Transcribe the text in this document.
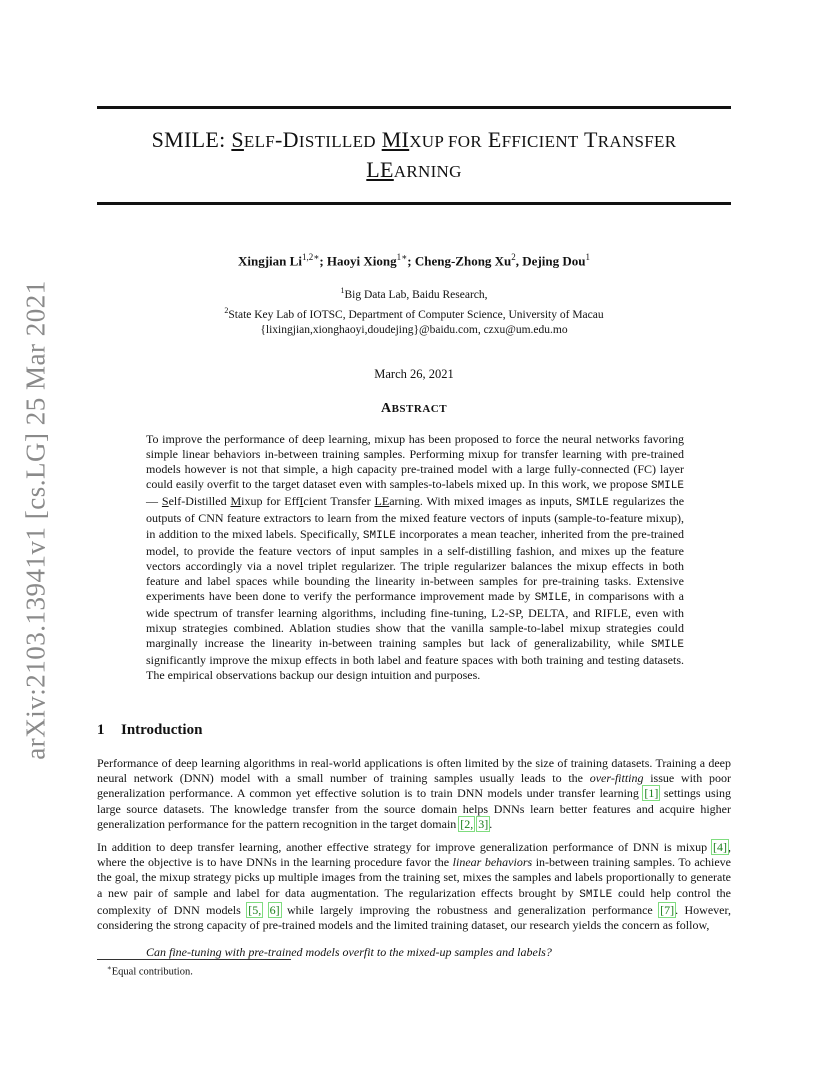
arXiv:2103.13941v1 [cs.LG] 25 Mar 2021
SMILE: SELF-DISTILLED MIXUP FOR EFFICIENT TRANSFER
LEARNING
Xingjian $Li^{1,2∗}$; Haoyi Xiong$^{1∗}$; Cheng-Zhong Xu$^2$, Dejing Dou$^1$
$^1$Big Data Lab, Baidu Research,
$^2$State Key Lab of IOTSC, Department of Computer Science, University of Macau
{lixingjian,xionghaoyi,doudejing}@baidu.com, czxu@um.edu.mo
March 26, 2021
ABSTRACT

To improve the performance of deep learning, mixup has been proposed to force the neural networks favoring simple linear behaviors in-between training samples. Performing mixup for transfer learning with pre-trained models however is not that simple, a high capacity pre-trained model with a large fully-connected (FC) layer could easily overfit to the target dataset even with samples-to-labels mixed up. In this work, we propose SMILE— Self-Distilled Mixup for EffIcient Transfer LEarning. With mixed images as inputs, SMILE regularizes the outputs of CNN feature extractors to learn from the mixed feature vectors of inputs (sample-to-feature mixup), in addition to the mixed labels. Specifically, SMILE incorporates a mean teacher, inherited from the pre-trained model, to provide the feature vectors of input samples in a self-distilling fashion, and mixes up the feature vectors accordingly via a novel triplet regularizer. The triple regularizer balances the mixup effects in both feature and label spaces while bounding the linearity in-between samples for pre-training tasks. Extensive experiments have been done to verify the performance improvement made by SMILE, in comparisons with a wide spectrum of transfer learning algorithms, including fine-tuning, L2-SP, DELTA, and RIFLE, even with mixup strategies combined. Ablation studies show that the vanilla sample-to-label mixup strategies could marginally increase the linearity in-between training samples but lack of generalizability, while SMILE significantly improve the mixup effects in both label and feature spaces with both training and testing datasets. The empirical observations backup our design intuition and purposes.

1 Introduction

Performance of deep learning algorithms in real-world applications is often limited by the size of training datasets. Training a deep neural network (DNN) model with a small number of training samples usually leads to the over-fitting issue with poor generalization performance. A common yet effective solution is to train DNN models under transfer learning [1] settings using large source datasets. The knowledge transfer from the source domain helps DNNs learn better features and acquire higher generalization performance for the pattern recognition in the target domain [2, 3].

In addition to deep transfer learning, another effective strategy for improve generalization performance of DNN is mixup [4], where the objective is to have DNNs in the learning procedure favor the linear behaviors in-between training samples. To achieve the goal, the mixup strategy picks up multiple images from the training set, mixes the samples and labels proportionally to generate a new pair of sample and label for data augmentation. The regularization effects brought by SMILE could help control the complexity of DNN models [5, 6] while largely improving the robustness and generalization performance [7]. However, considering the strong capacity of pre-trained models and the limited training dataset, our research yields the concern as follow,

Can fine-tuning with pre-trained models overfit to the mixed-up samples and labels?
∗Equal contribution.
